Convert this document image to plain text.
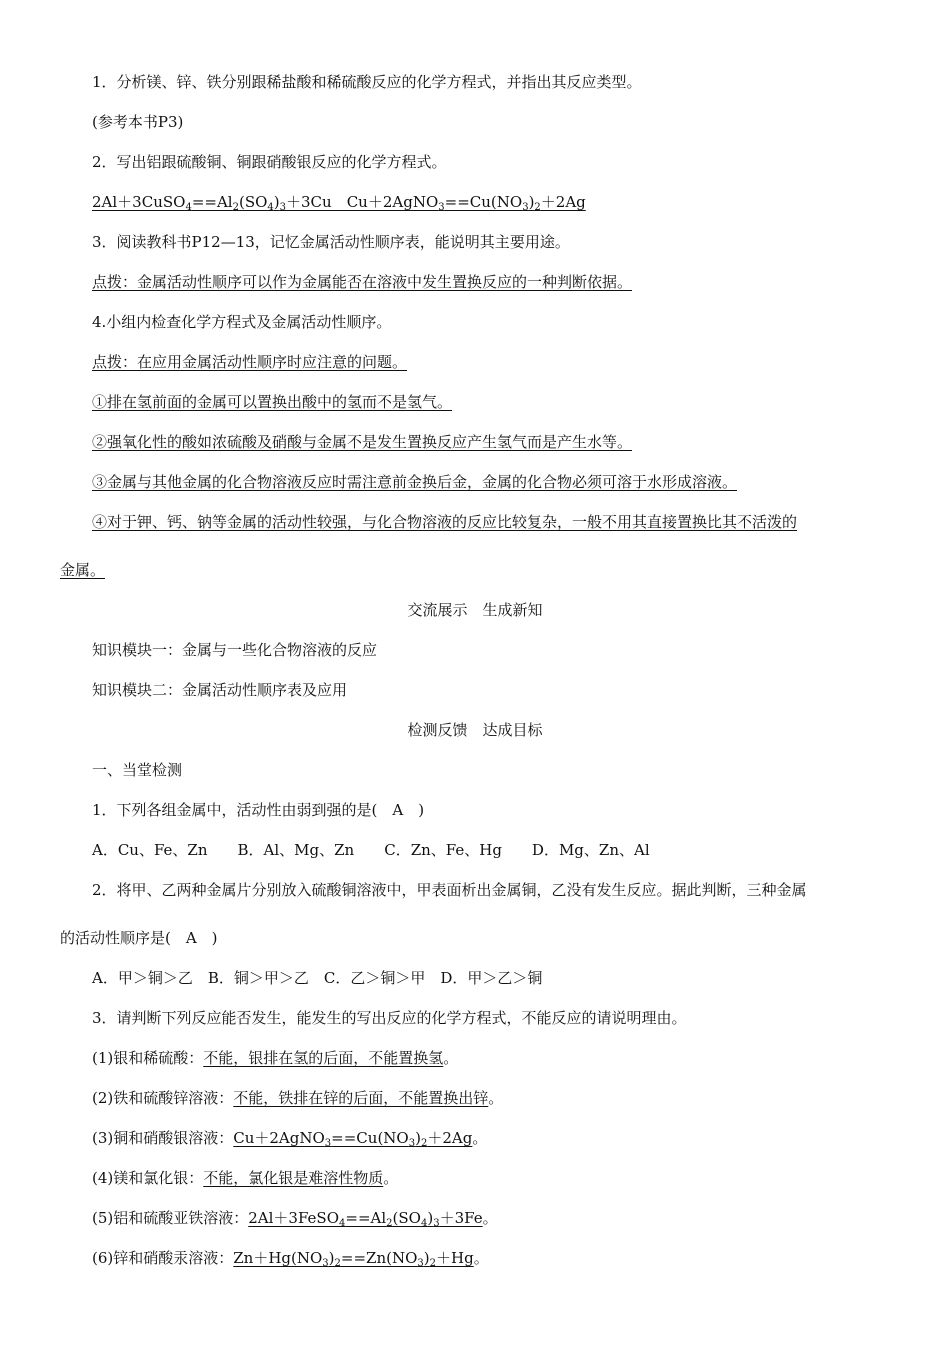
1．分析镁、锌、铁分别跟稀盐酸和稀硫酸反应的化学方程式，并指出其反应类型。
(参考本书P3)
2．写出铝跟硫酸铜、铜跟硝酸银反应的化学方程式。
$2Al+3CuSO_4==Al_2(SO_4)_3+3Cu$　$Cu+2AgNO_3==Cu(NO_3)_2+2Ag$
3．阅读教科书P12—13，记忆金属活动性顺序表，能说明其主要用途。
点拨：金属活动性顺序可以作为金属能否在溶液中发生置换反应的一种判断依据。
4.小组内检查化学方程式及金属活动性顺序。
点拨：在应用金属活动性顺序时应注意的问题。
①排在氢前面的金属可以置换出酸中的氢而不是氢气。
②强氧化性的酸如浓硫酸及硝酸与金属不是发生置换反应产生氢气而是产生水等。
③金属与其他金属的化合物溶液反应时需注意前金换后金，金属的化合物必须可溶于水形成溶液。
④对于钾、钙、钠等金属的活动性较强，与化合物溶液的反应比较复杂，一般不用其直接置换比其不活泼的
金属。
交流展示　生成新知
知识模块一：金属与一些化合物溶液的反应
知识模块二：金属活动性顺序表及应用
检测反馈　达成目标
一、当堂检测
1．下列各组金属中，活动性由弱到强的是(　A　)
A．Cu、Fe、Zn　　B．Al、Mg、Zn　　C．Zn、Fe、Hg　　D．Mg、Zn、Al
2．将甲、乙两种金属片分别放入硫酸铜溶液中，甲表面析出金属铜，乙没有发生反应。据此判断，三种金属
的活动性顺序是(　A　)
A．甲＞铜＞乙　B．铜＞甲＞乙　C．乙＞铜＞甲　D．甲＞乙＞铜
3．请判断下列反应能否发生，能发生的写出反应的化学方程式，不能反应的请说明理由。
(1)银和稀硫酸：不能，银排在氢的后面，不能置换氢。
(2)铁和硫酸锌溶液：不能，铁排在锌的后面，不能置换出锌。
(3)铜和硝酸银溶液：$Cu+2AgNO_3==Cu(NO_3)_2+2Ag$。
(4)镁和氯化银：不能，氯化银是难溶性物质。
(5)铝和硫酸亚铁溶液：$2Al+3FeSO_4==Al_2(SO_4)_3+3Fe$。
(6)锌和硝酸汞溶液：$Zn+Hg(NO_3)_2==Zn(NO_3)_2+Hg$。
